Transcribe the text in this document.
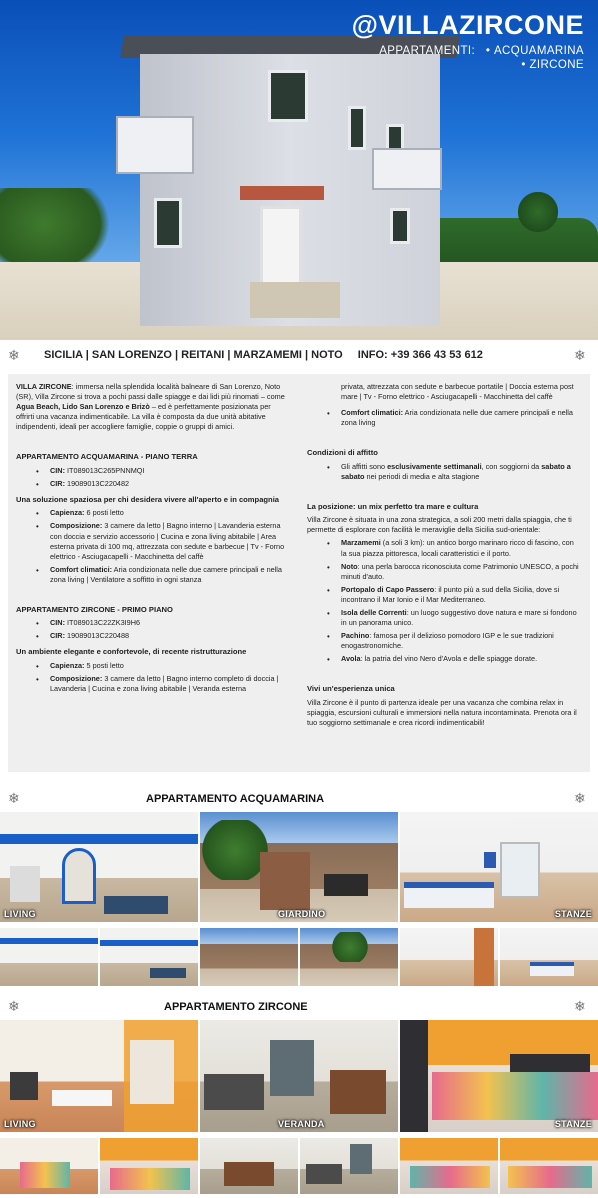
@VILLAZIRCONE
APPARTAMENTI: • ACQUAMARINA
• ZIRCONE
❄ SICILIA | SAN LORENZO | REITANI | MARZAMEMI | NOTO INFO: +39 366 43 53 612	❄

VILLA ZIRCONE: immersa nella splendida località balneare di San Lorenzo, Noto (SR), Villa Zircone si trova a pochi passi dalle spiagge e dai lidi più rinomati – come Agua Beach, Lido San Lorenzo e Brizò – ed è perfettamente posizionata per offrirti una vacanza indimenticabile. La villa è composta da due unità abitative indipendenti, ideali per accogliere famiglie, coppie o gruppi di amici.

APPARTAMENTO ACQUAMARINA - PIANO TERRA
• CIN: IT089013C265PNNMQI
• CIR: 19089013C220482
Una soluzione spaziosa per chi desidera vivere all'aperto e in compagnia
• Capienza: 6 posti letto
• Composizione: 3 camere da letto | Bagno interno | Lavanderia esterna con doccia e servizio accessorio | Cucina e zona living abitabile | Area esterna privata di 100 mq, attrezzata con sedute e barbecue | Tv - Forno elettrico - Asciugacapelli - Macchinetta del caffè
• Comfort climatici: Aria condizionata nelle due camere principali e nella zona living | Ventilatore a soffitto in ogni stanza
APPARTAMENTO ZIRCONE - PRIMO PIANO
• CIN: IT089013C22ZK3I9H6
• CIR: 19089013C220488
Un ambiente elegante e confortevole, di recente ristrutturazione
• Capienza: 5 posti letto
• Composizione: 3 camere da letto | Bagno interno completo di doccia | Lavanderia | Cucina e zona living abitabile | Veranda esterna

privata, attrezzata con sedute e barbecue portatile | Doccia esterna post mare | Tv - Forno elettrico - Asciugacapelli - Macchinetta del caffè

• Comfort climatici: Aria condizionata nelle due camere principali e nella zona living
Condizioni di affitto
• Gli affitti sono esclusivamente settimanali, con soggiorni da sabato a sabato nei periodi di media e alta stagione
La posizione: un mix perfetto tra mare e cultura

Villa Zircone è situata in una zona strategica, a soli 200 metri dalla spiaggia, che ti permette di esplorare con facilità le meraviglie della Sicilia sud-orientale:

• Marzamemi (a soli 3 km): un antico borgo marinaro ricco di fascino, con la sua piazza pittoresca, locali caratteristici e il porto.
• Noto: una perla barocca riconosciuta come Patrimonio UNESCO, a pochi minuti d'auto.
• Portopalo di Capo Passero: il punto più a sud della Sicilia, dove si incontrano il Mar Ionio e il Mar Mediterraneo.
• Isola delle Correnti: un luogo suggestivo dove natura e mare si fondono in un panorama unico.
• Pachino: famosa per il delizioso pomodoro IGP e le sue tradizioni enogastronomiche.
• Avola: la patria del vino Nero d'Avola e delle spiagge dorate.
Vivi un'esperienza unica

Villa Zircone è il punto di partenza ideale per una vacanza che combina relax in spiaggia, escursioni culturali e immersioni nella natura incontaminata. Prenota ora il tuo soggiorno settimanale e crea ricordi indimenticabili!

❄	APPARTAMENTO ACQUAMARINA	❄
LIVING	GIARDINO	STANZE
❄	APPARTAMENTO ZIRCONE	❄
LIVING	VERANDA	STANZE
